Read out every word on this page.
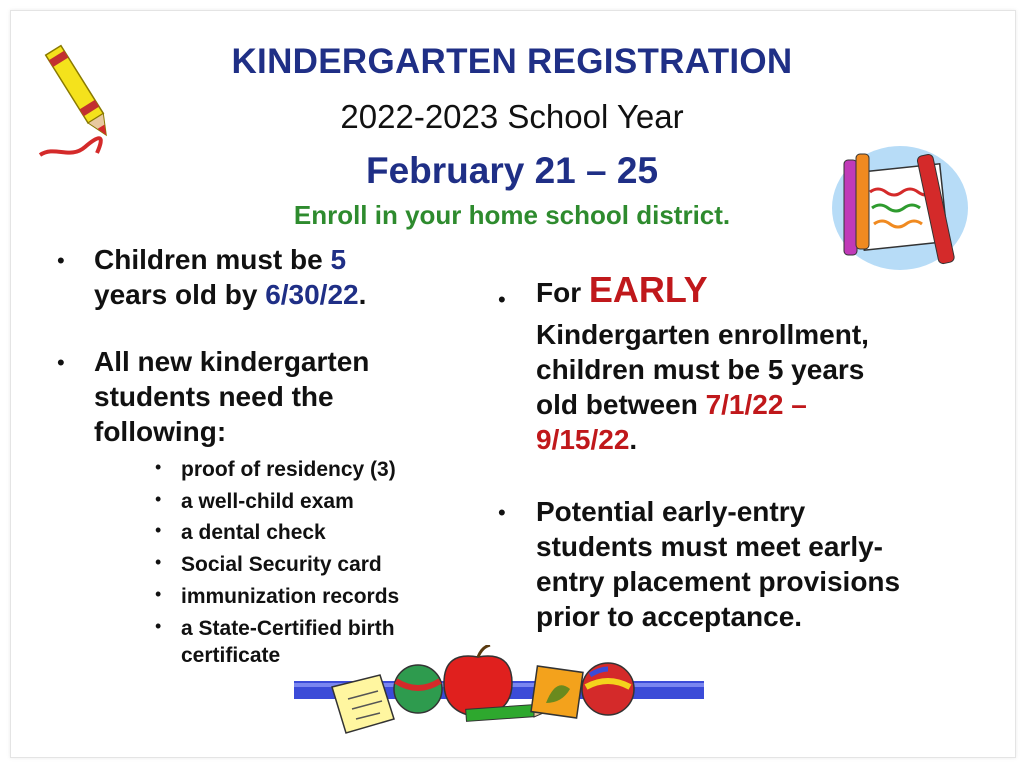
KINDERGARTEN REGISTRATION
2022-2023 School Year
February 21 – 25
Enroll in your home school district.
• Children must be 5
years old by 6/30/22.
• All new kindergarten
students need the
following:
• proof of residency (3)
• a well-child exam
• a dental check
• Social Security card
• immunization records
• a State-Certified birth
certificate
• For EARLY
Kindergarten enrollment,
children must be 5 years
old between 7/1/22 –
9/15/22.
• Potential early-entry
students must meet early-
entry placement provisions
prior to acceptance.
